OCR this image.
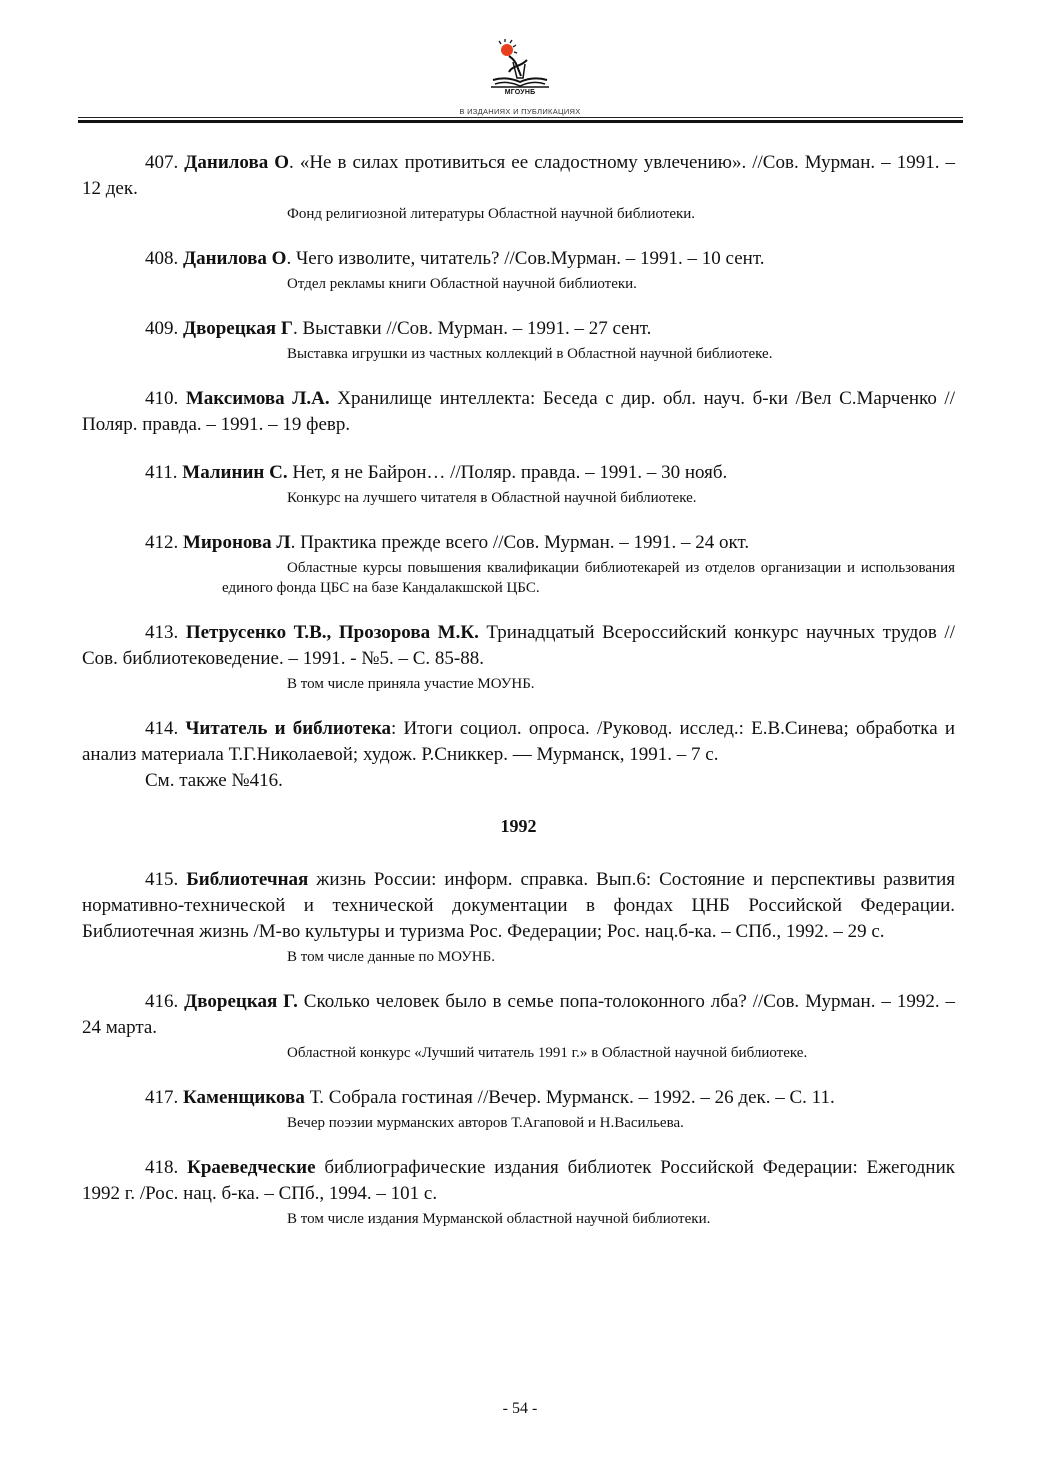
МГОУНБ
В ИЗДАНИЯХ И ПУБЛИКАЦИЯХ

407. Данилова О. «Не в силах противиться ее сладостному увлечению». //Сов. Мурман. – 1991. – 12 дек.

Фонд религиозной литературы Областной научной библиотеки.

408. Данилова О. Чего изволите, читатель? //Сов.Мурман. – 1991. – 10 сент.

Отдел рекламы книги Областной научной библиотеки.

409. Дворецкая Г. Выставки //Сов. Мурман. – 1991. – 27 сент.

Выставка игрушки из частных коллекций в Областной научной библиотеке.

410. Максимова Л.А. Хранилище интеллекта: Беседа с дир. обл. науч. б-ки /Вел С.Марченко //Поляр. правда. – 1991. – 19 февр.

411. Малинин С. Нет, я не Байрон… //Поляр. правда. – 1991. – 30 нояб.

Конкурс на лучшего читателя в Областной научной библиотеке.

412. Миронова Л. Практика прежде всего //Сов. Мурман. – 1991. – 24 окт.

Областные курсы повышения квалификации библиотекарей из отделов организации и использования единого фонда ЦБС на базе Кандалакшской ЦБС.

413. Петрусенко Т.В., Прозорова М.К. Тринадцатый Всероссийский конкурс научных трудов //Сов. библиотековедение. – 1991. - №5. – С. 85-88.

В том числе приняла участие МОУНБ.

414. Читатель и библиотека: Итоги социол. опроса. /Руковод. исслед.: Е.В.Синева; обработка и анализ материала Т.Г.Николаевой; худож. Р.Сниккер. — Мурманск, 1991. – 7 с.

См. также №416.

1992

415. Библиотечная жизнь России: информ. справка. Вып.6: Состояние и перспективы развития нормативно-технической и технической документации в фондах ЦНБ Российской Федерации. Библиотечная жизнь /М-во культуры и туризма Рос. Федерации; Рос. нац.б-ка. – СПб., 1992. – 29 с.

В том числе данные по МОУНБ.

416. Дворецкая Г. Сколько человек было в семье попа-толоконного лба? //Сов. Мурман. – 1992. – 24 марта.

Областной конкурс «Лучший читатель 1991 г.» в Областной научной библиотеке.

417. Каменщикова Т. Собрала гостиная //Вечер. Мурманск. – 1992. – 26 дек. – С. 11.

Вечер поэзии мурманских авторов Т.Агаповой и Н.Васильева.

418. Краеведческие библиографические издания библиотек Российской Федерации: Ежегодник 1992 г. /Рос. нац. б-ка. – СПб., 1994. – 101 с.

В том числе издания Мурманской областной научной библиотеки.

- 54 -
